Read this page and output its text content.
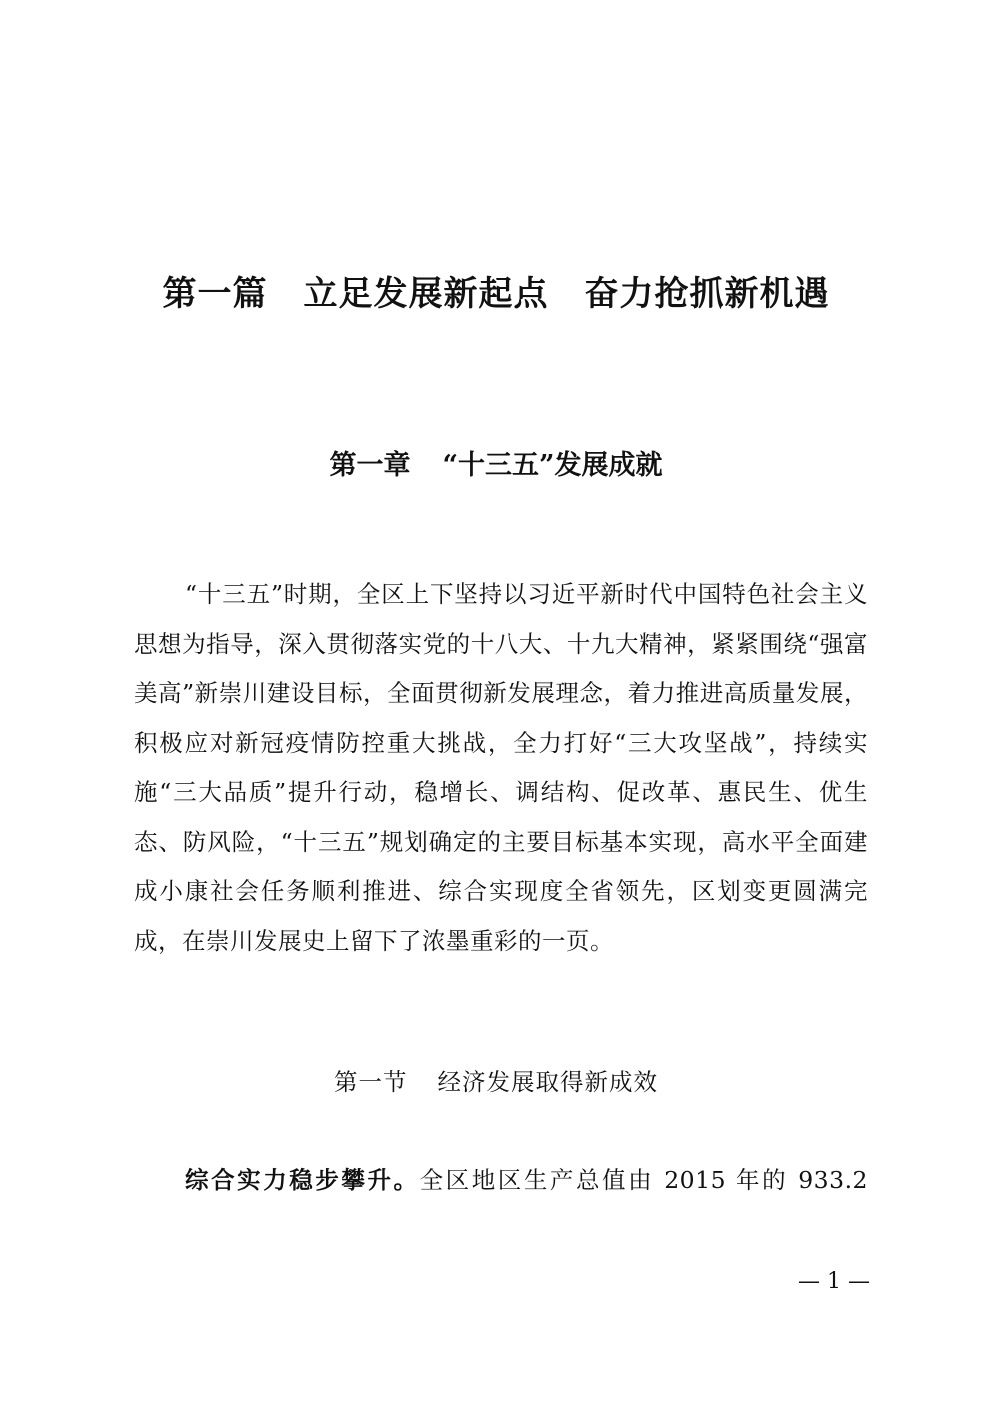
第一篇 立足发展新起点 奋力抢抓新机遇
第一章 “十三五”发展成就

“十三五”时期，全区上下坚持以习近平新时代中国特色社会主义思想为指导，深入贯彻落实党的十八大、十九大精神，紧紧围绕“强富美高”新崇川建设目标，全面贯彻新发展理念，着力推进高质量发展，积极应对新冠疫情防控重大挑战，全力打好“三大攻坚战”，持续实施“三大品质”提升行动，稳增长、调结构、促改革、惠民生、优生态、防风险，“十三五”规划确定的主要目标基本实现，高水平全面建成小康社会任务顺利推进、综合实现度全省领先，区划变更圆满完成，在崇川发展史上留下了浓墨重彩的一页。

第一节 经济发展取得新成效
综合实力稳步攀升。全区地区生产总值由 2015 年的 933.2
— 1 —
